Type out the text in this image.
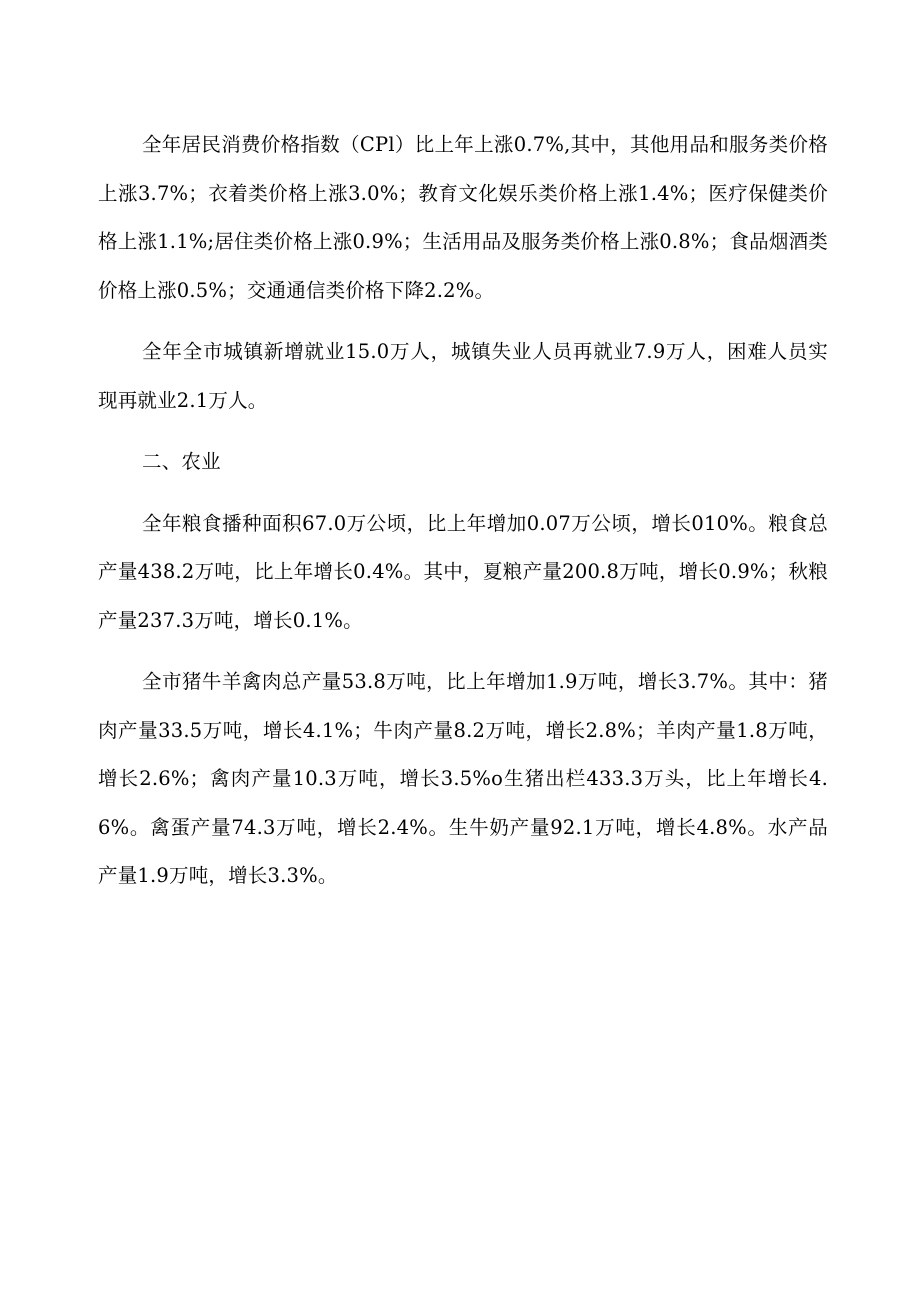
全年居民消费价格指数（CPl）比上年上涨0.7%,其中，其他用品和服务类价格上涨3.7%；衣着类价格上涨3.0%；教育文化娱乐类价格上涨1.4%；医疗保健类价格上涨1.1%;居住类价格上涨0.9%；生活用品及服务类价格上涨0.8%；食品烟酒类价格上涨0.5%；交通通信类价格下降2.2%。

全年全市城镇新增就业15.0万人，城镇失业人员再就业7.9万人，困难人员实现再就业2.1万人。

二、农业

全年粮食播种面积67.0万公顷，比上年增加0.07万公顷，增长010%。粮食总产量438.2万吨，比上年增长0.4%。其中，夏粮产量200.8万吨，增长0.9%；秋粮产量237.3万吨，增长0.1%。

全市猪牛羊禽肉总产量53.8万吨，比上年增加1.9万吨，增长3.7%。其中：猪肉产量33.5万吨，增长4.1%；牛肉产量8.2万吨，增长2.8%；羊肉产量1.8万吨，增长2.6%；禽肉产量10.3万吨，增长3.5%o生猪出栏433.3万头，比上年增长4.6%。禽蛋产量74.3万吨，增长2.4%。生牛奶产量92.1万吨，增长4.8%。水产品产量1.9万吨，增长3.3%。
